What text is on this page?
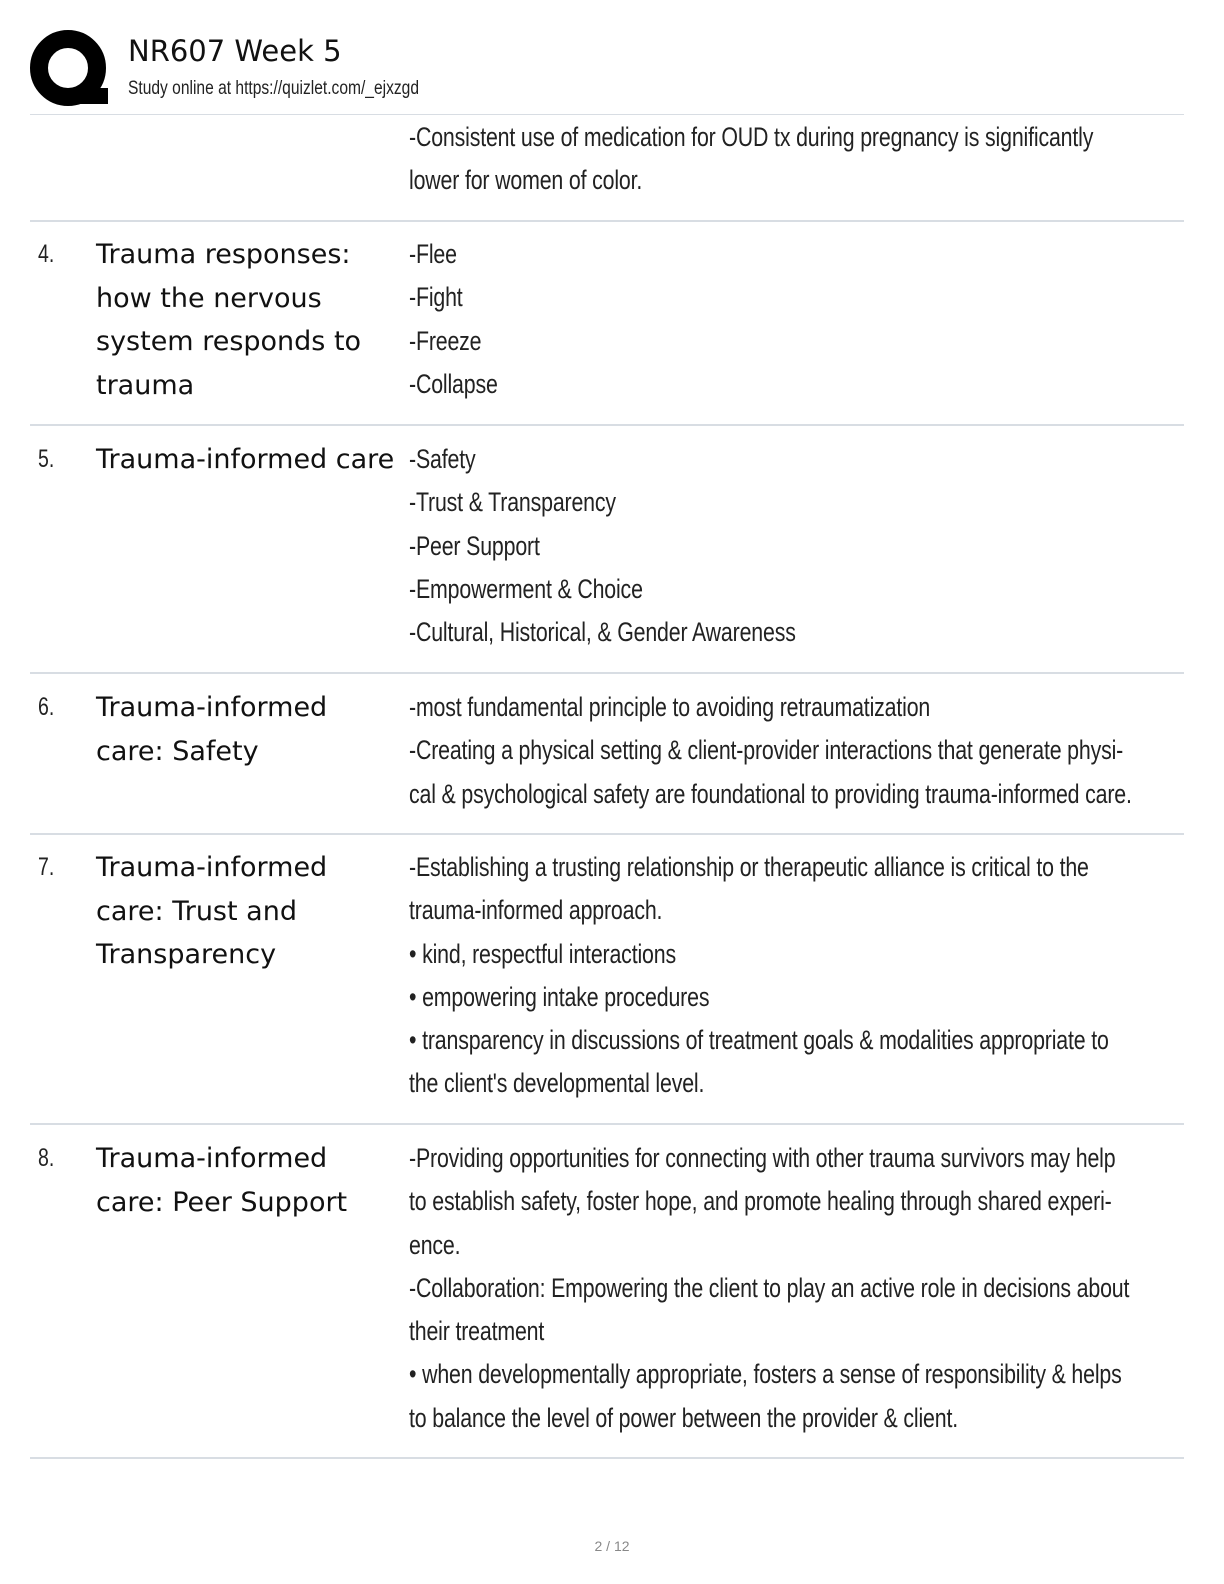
NR607 Week 5
Study online at https://quizlet.com/_ejxzgd
-Consistent use of medication for OUD tx during pregnancy is significantly
lower for women of color.
4. Trauma responses: how the nervous system responds to trauma
-Flee
-Fight
-Freeze
-Collapse
5. Trauma-informed care -Safety
-Trust & Transparency
-Peer Support
-Empowerment & Choice
-Cultural, Historical, & Gender Awareness
6. Trauma-informed care: Safety
-most fundamental principle to avoiding retraumatization
-Creating a physical setting & client-provider interactions that generate physi-
cal & psychological safety are foundational to providing trauma-informed care.
7. Trauma-informed care: Trust and Transparency
-Establishing a trusting relationship or therapeutic alliance is critical to the
trauma-informed approach.
• kind, respectful interactions
• empowering intake procedures
• transparency in discussions of treatment goals & modalities appropriate to
the client's developmental level.
8. Trauma-informed care: Peer Support
-Providing opportunities for connecting with other trauma survivors may help
to establish safety, foster hope, and promote healing through shared experi-
ence.
-Collaboration: Empowering the client to play an active role in decisions about
their treatment
• when developmentally appropriate, fosters a sense of responsibility & helps
to balance the level of power between the provider & client.
2 / 12
